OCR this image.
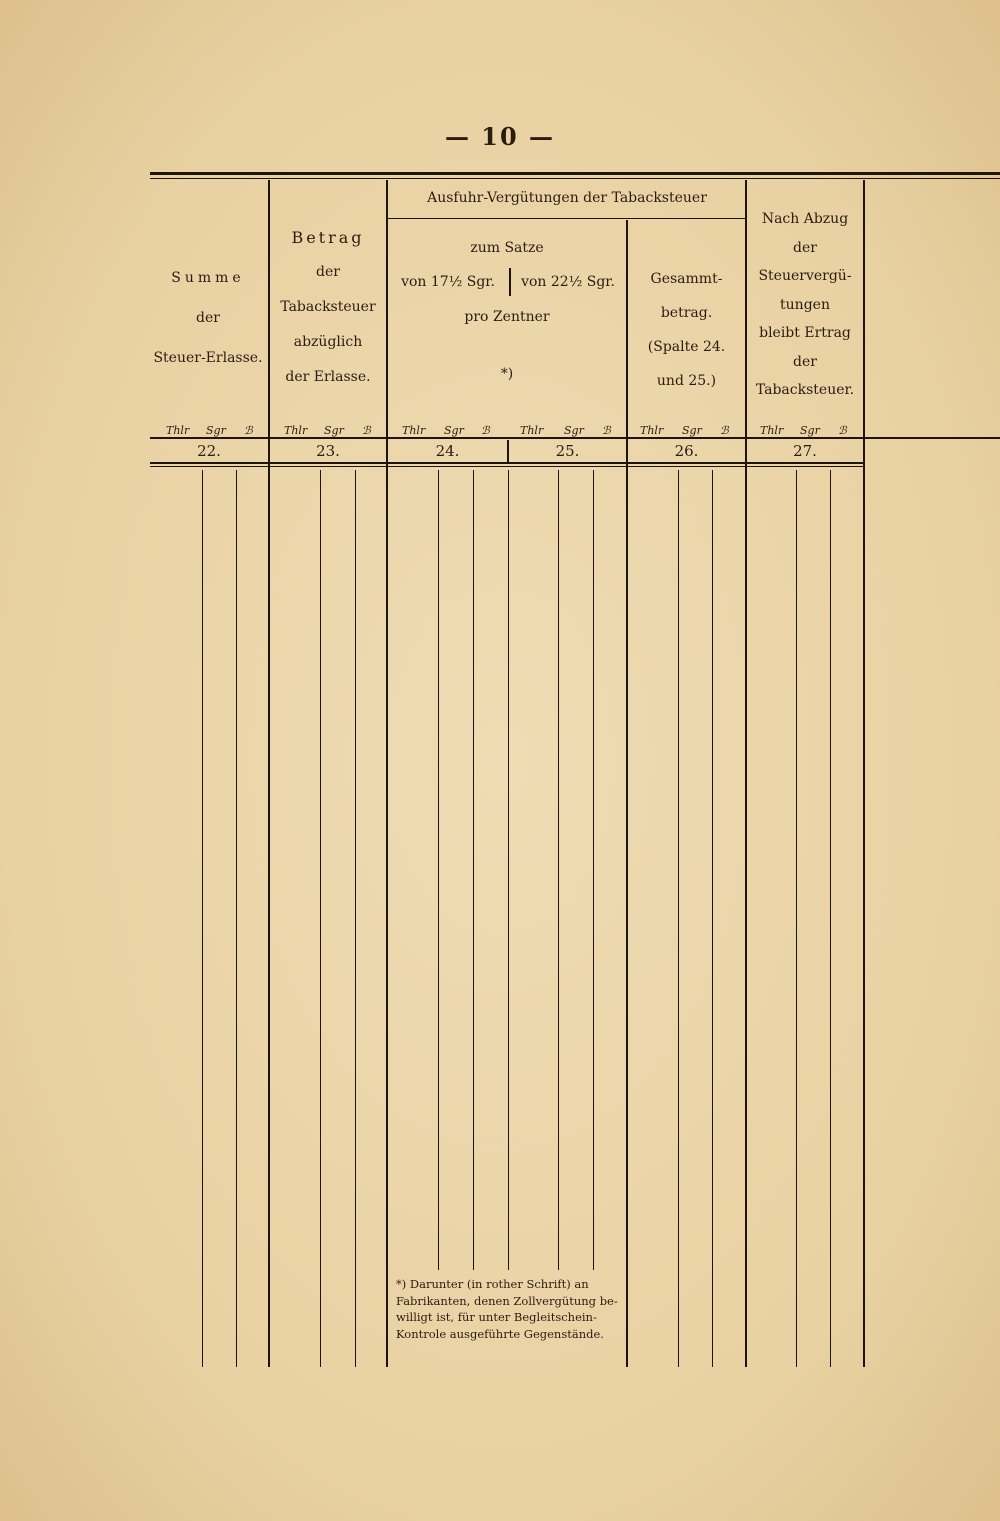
— 10 —
Summe
der
Steuer-Erlasse.
Betrag
der
Tabacksteuer
abzüglich
der Erlasse.
Ausfuhr-Vergütungen der Tabacksteuer
zum Satze
von 17½ Sgr.	von 22½ Sgr.
pro Zentner
*)
Gesammt-
betrag.
(Spalte 24.
und 25.)
Nach Abzug
der
Steuervergü-
tungen
bleibt Ertrag
der
Tabacksteuer.
Thlr Sgr ℬ	Thlr Sgr ℬ	Thlr Sgr ℬ	Thlr Sgr ℬ	Thlr Sgr ℬ	Thlr Sgr ℬ
22.	23.	24.	25.	26.	27.
*) Darunter (in rother Schrift) an
Fabrikanten, denen Zollvergütung be-
willigt ist, für unter Begleitschein-
Kontrole ausgeführte Gegenstände.
